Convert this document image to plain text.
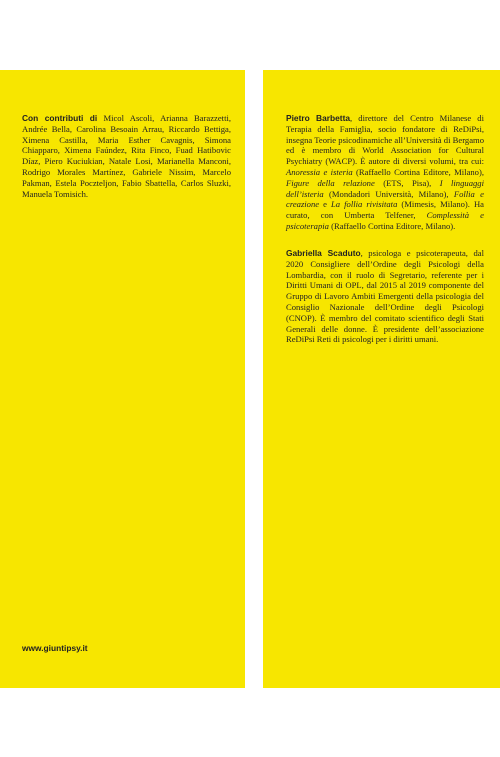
Con contributi di Micol Ascoli, Arianna Barazzetti, Andrée Bella, Carolina Besoain Arrau, Riccardo Bettiga, Ximena Castilla, Maria Esther Cavagnis, Simona Chiapparo, Ximena Faúndez, Rita Finco, Fuad Hatibovic Díaz, Piero Kuciukian, Natale Losi, Marianella Manconi, Rodrigo Morales Martínez, Gabriele Nissim, Marcelo Pakman, Estela Poczteljon, Fabio Sbattella, Carlos Sluzki, Manuela Tomisich.

Pietro Barbetta, direttore del Centro Milanese di Terapia della Famiglia, socio fondatore di ReDiPsi, insegna Teorie psicodinamiche all’Università di Bergamo ed è membro di World Association for Cultural Psychiatry (WACP). È autore di diversi volumi, tra cui: Anoressia e isteria (Raffaello Cortina Editore, Milano), Figure della relazione (ETS, Pisa), I linguaggi dell’isteria (Mondadori Università, Milano), Follia e creazione e La follia rivisitata (Mimesis, Milano). Ha curato, con Umberta Telfener, Complessità e psicoterapia (Raffaello Cortina Editore, Milano).

Gabriella Scaduto, psicologa e psicoterapeuta, dal 2020 Consigliere dell’Ordine degli Psicologi della Lombardia, con il ruolo di Segretario, referente per i Diritti Umani di OPL, dal 2015 al 2019 componente del Gruppo di Lavoro Ambiti Emergenti della psicologia del Consiglio Nazionale dell’Ordine degli Psicologi (CNOP). È membro del comitato scientifico degli Stati Generali delle donne. È presidente dell’associazione ReDiPsi Reti di psicologi per i diritti umani.

www.giuntipsy.it
